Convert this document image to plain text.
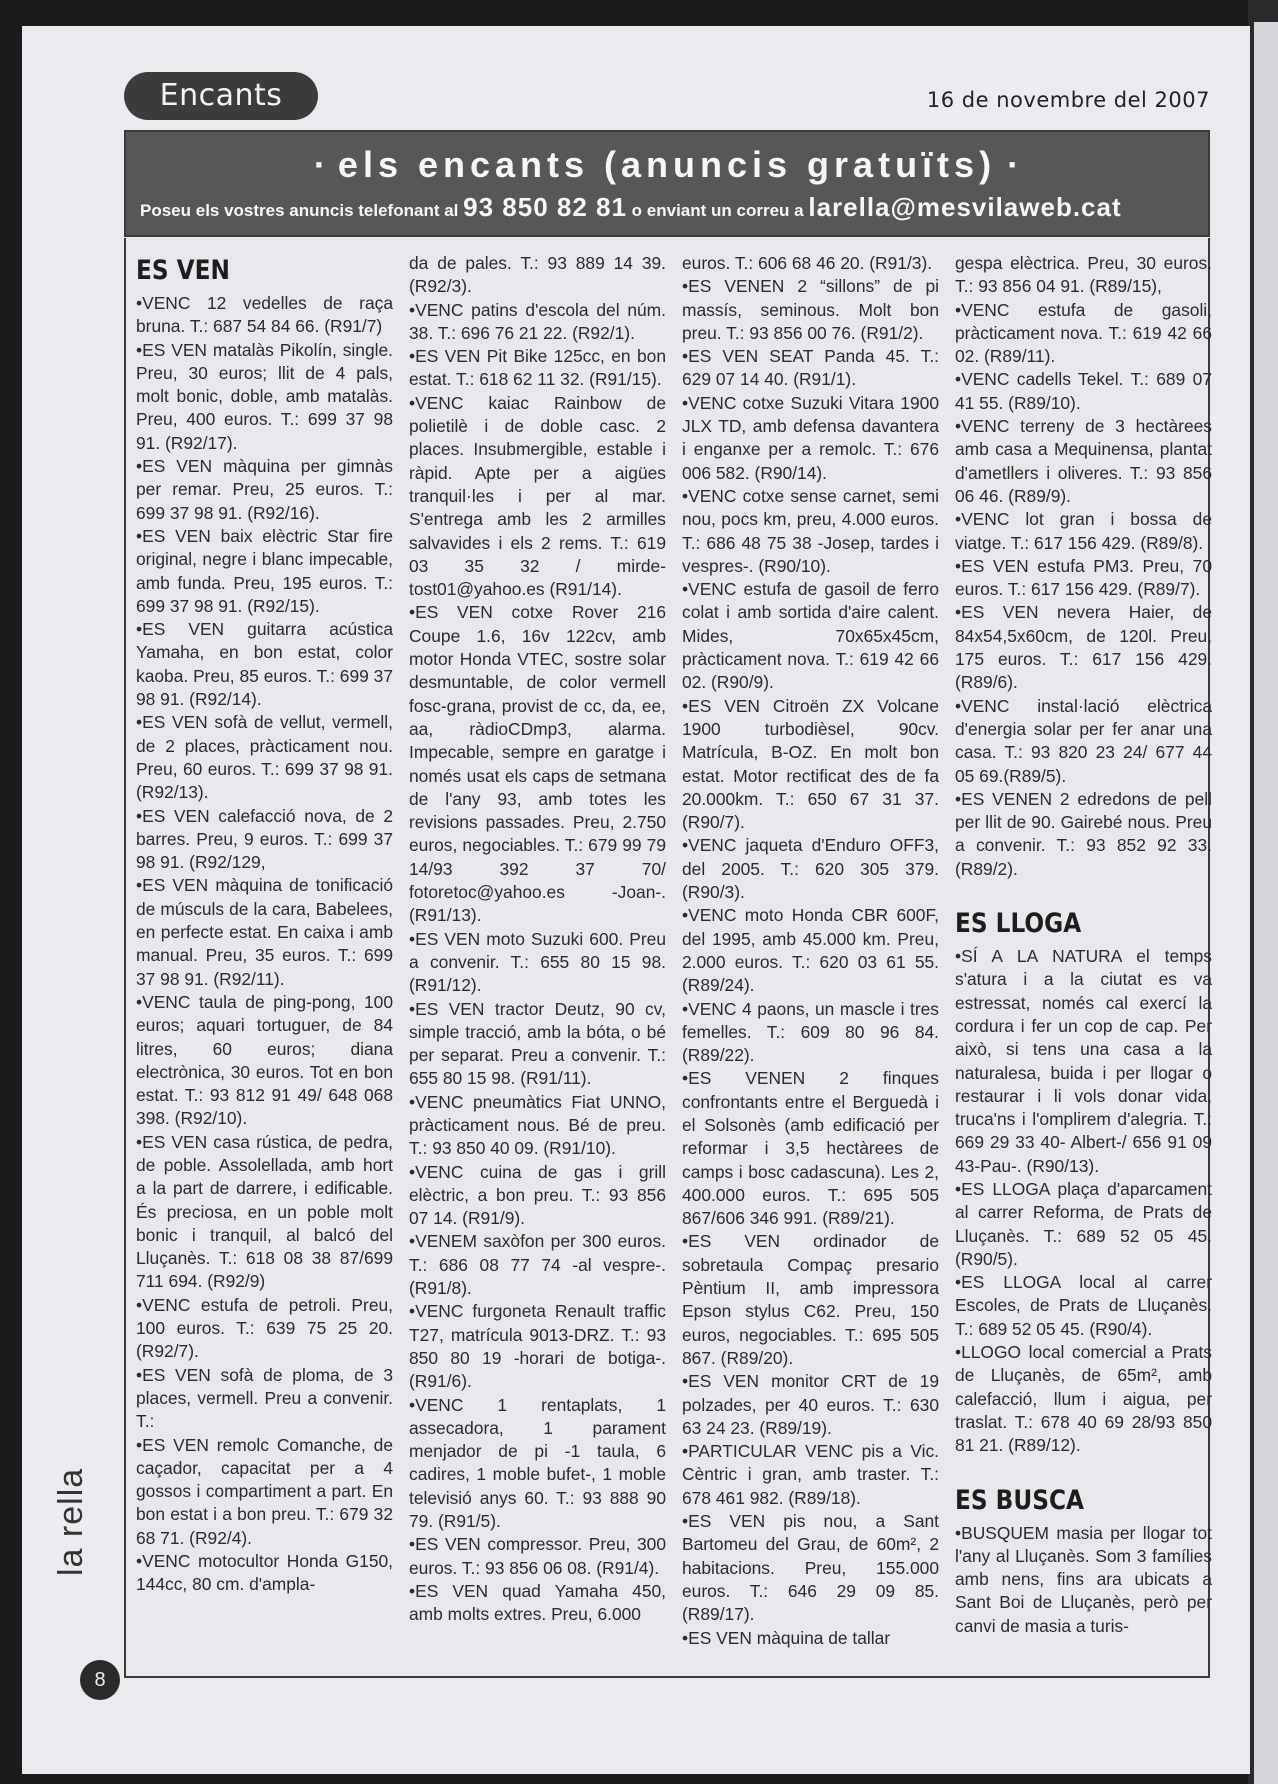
Encants	16 de novembre del 2007
· els encants (anuncis gratuïts) ·
Poseu els vostres anuncis telefonant al 93 850 82 81 o enviant un correu a larella@mesvilaweb.cat
ES VEN

•VENC 12 vedelles de raça bruna. T.: 687 54 84 66. (R91/7)

•ES VEN matalàs Pikolín, single. Preu, 30 euros; llit de 4 pals, molt bonic, doble, amb matalàs. Preu, 400 euros. T.: 699 37 98 91. (R92/17).

•ES VEN màquina per gimnàs per remar. Preu, 25 euros. T.: 699 37 98 91. (R92/16).

•ES VEN baix elèctric Star fire original, negre i blanc impecable, amb funda. Preu, 195 euros. T.: 699 37 98 91. (R92/15).

•ES VEN guitarra acústica Yamaha, en bon estat, color kaoba. Preu, 85 euros. T.: 699 37 98 91. (R92/14).

•ES VEN sofà de vellut, vermell, de 2 places, pràcticament nou. Preu, 60 euros. T.: 699 37 98 91. (R92/13).

•ES VEN calefacció nova, de 2 barres. Preu, 9 euros. T.: 699 37 98 91. (R92/129,

•ES VEN màquina de tonificació de músculs de la cara, Babelees, en perfecte estat. En caixa i amb manual. Preu, 35 euros. T.: 699 37 98 91. (R92/11).

•VENC taula de ping-pong, 100 euros; aquari tortuguer, de 84 litres, 60 euros; diana electrònica, 30 euros. Tot en bon estat. T.: 93 812 91 49/ 648 068 398. (R92/10).

•ES VEN casa rústica, de pedra, de poble. Assolellada, amb hort a la part de darrere, i edificable. És preciosa, en un poble molt bonic i tranquil, al balcó del Lluçanès. T.: 618 08 38 87/699 711 694. (R92/9)

•VENC estufa de petroli. Preu, 100 euros. T.: 639 75 25 20. (R92/7).

•ES VEN sofà de ploma, de 3 places, vermell. Preu a convenir. T.:

•ES VEN remolc Comanche, de caçador, capacitat per a 4 gossos i compartiment a part. En bon estat i a bon preu. T.: 679 32 68 71. (R92/4).

•VENC motocultor Honda G150, 144cc, 80 cm. d'ampla-

da de pales. T.: 93 889 14 39. (R92/3).

•VENC patins d'escola del núm. 38. T.: 696 76 21 22. (R92/1).

•ES VEN Pit Bike 125cc, en bon estat. T.: 618 62 11 32. (R91/15).

•VENC kaiac Rainbow de polietilè i de doble casc. 2 places. Insubmergible, estable i ràpid. Apte per a aigües tranquil·les i per al mar. S'entrega amb les 2 armilles salvavides i els 2 rems. T.: 619 03 35 32 / mirde-tost01@yahoo.es (R91/14).

•ES VEN cotxe Rover 216 Coupe 1.6, 16v 122cv, amb motor Honda VTEC, sostre solar desmuntable, de color vermell fosc-grana, provist de cc, da, ee, aa, ràdioCDmp3, alarma. Impecable, sempre en garatge i només usat els caps de setmana de l'any 93, amb totes les revisions passades. Preu, 2.750 euros, negociables. T.: 679 99 79 14/93 392 37 70/ fotoretoc@yahoo.es -Joan-. (R91/13).

•ES VEN moto Suzuki 600. Preu a convenir. T.: 655 80 15 98. (R91/12).

•ES VEN tractor Deutz, 90 cv, simple tracció, amb la bóta, o bé per separat. Preu a convenir. T.: 655 80 15 98. (R91/11).

•VENC pneumàtics Fiat UNNO, pràcticament nous. Bé de preu. T.: 93 850 40 09. (R91/10).

•VENC cuina de gas i grill elèctric, a bon preu. T.: 93 856 07 14. (R91/9).

•VENEM saxòfon per 300 euros. T.: 686 08 77 74 -al vespre-. (R91/8).

•VENC furgoneta Renault traffic T27, matrícula 9013-DRZ. T.: 93 850 80 19 -horari de botiga-. (R91/6).

•VENC 1 rentaplats, 1 assecadora, 1 parament menjador de pi -1 taula, 6 cadires, 1 moble bufet-, 1 moble televisió anys 60. T.: 93 888 90 79. (R91/5).

•ES VEN compressor. Preu, 300 euros. T.: 93 856 06 08. (R91/4).

•ES VEN quad Yamaha 450, amb molts extres. Preu, 6.000

euros. T.: 606 68 46 20. (R91/3).

•ES VENEN 2 “sillons” de pi massís, seminous. Molt bon preu. T.: 93 856 00 76. (R91/2).

•ES VEN SEAT Panda 45. T.: 629 07 14 40. (R91/1).

•VENC cotxe Suzuki Vitara 1900 JLX TD, amb defensa davantera i enganxe per a remolc. T.: 676 006 582. (R90/14).

•VENC cotxe sense carnet, semi nou, pocs km, preu, 4.000 euros. T.: 686 48 75 38 -Josep, tardes i vespres-. (R90/10).

•VENC estufa de gasoil de ferro colat i amb sortida d'aire calent. Mides, 70x65x45cm, pràcticament nova. T.: 619 42 66 02. (R90/9).

•ES VEN Citroën ZX Volcane 1900 turbodièsel, 90cv. Matrícula, B-OZ. En molt bon estat. Motor rectificat des de fa 20.000km. T.: 650 67 31 37. (R90/7).

•VENC jaqueta d'Enduro OFF3, del 2005. T.: 620 305 379. (R90/3).

•VENC moto Honda CBR 600F, del 1995, amb 45.000 km. Preu, 2.000 euros. T.: 620 03 61 55. (R89/24).

•VENC 4 paons, un mascle i tres femelles. T.: 609 80 96 84. (R89/22).

•ES VENEN 2 finques confrontants entre el Berguedà i el Solsonès (amb edificació per reformar i 3,5 hectàrees de camps i bosc cadascuna). Les 2, 400.000 euros. T.: 695 505 867/606 346 991. (R89/21).

•ES VEN ordinador de sobretaula Compaç presario Pèntium II, amb impressora Epson stylus C62. Preu, 150 euros, negociables. T.: 695 505 867. (R89/20).

•ES VEN monitor CRT de 19 polzades, per 40 euros. T.: 630 63 24 23. (R89/19).

•PARTICULAR VENC pis a Vic. Cèntric i gran, amb traster. T.: 678 461 982. (R89/18).

•ES VEN pis nou, a Sant Bartomeu del Grau, de 60m², 2 habitacions. Preu, 155.000 euros. T.: 646 29 09 85. (R89/17).

•ES VEN màquina de tallar

gespa elèctrica. Preu, 30 euros. T.: 93 856 04 91. (R89/15),

•VENC estufa de gasoli, pràcticament nova. T.: 619 42 66 02. (R89/11).

•VENC cadells Tekel. T.: 689 07 41 55. (R89/10).

•VENC terreny de 3 hectàrees amb casa a Mequinensa, plantat d'ametllers i oliveres. T.: 93 856 06 46. (R89/9).

•VENC lot gran i bossa de viatge. T.: 617 156 429. (R89/8).

•ES VEN estufa PM3. Preu, 70 euros. T.: 617 156 429. (R89/7).

•ES VEN nevera Haier, de 84x54,5x60cm, de 120l. Preu, 175 euros. T.: 617 156 429. (R89/6).

•VENC instal·lació elèctrica d'energia solar per fer anar una casa. T.: 93 820 23 24/ 677 44 05 69.(R89/5).

•ES VENEN 2 edredons de pell per llit de 90. Gairebé nous. Preu a convenir. T.: 93 852 92 33. (R89/2).

ES LLOGA

•SÍ A LA NATURA el temps s'atura i a la ciutat es va estressat, només cal exercí la cordura i fer un cop de cap. Per això, si tens una casa a la naturalesa, buida i per llogar o restaurar i li vols donar vida, truca'ns i l'omplirem d'alegria. T.: 669 29 33 40- Albert-/ 656 91 09 43-Pau-. (R90/13).

•ES LLOGA plaça d'aparcament al carrer Reforma, de Prats de Lluçanès. T.: 689 52 05 45. (R90/5).

•ES LLOGA local al carrer Escoles, de Prats de Lluçanès. T.: 689 52 05 45. (R90/4).

•LLOGO local comercial a Prats de Lluçanès, de 65m², amb calefacció, llum i aigua, per traslat. T.: 678 40 69 28/93 850 81 21. (R89/12).

ES BUSCA

•BUSQUEM masia per llogar tot l'any al Lluçanès. Som 3 famílies amb nens, fins ara ubicats a Sant Boi de Lluçanès, però per canvi de masia a turis-

la rella
8
